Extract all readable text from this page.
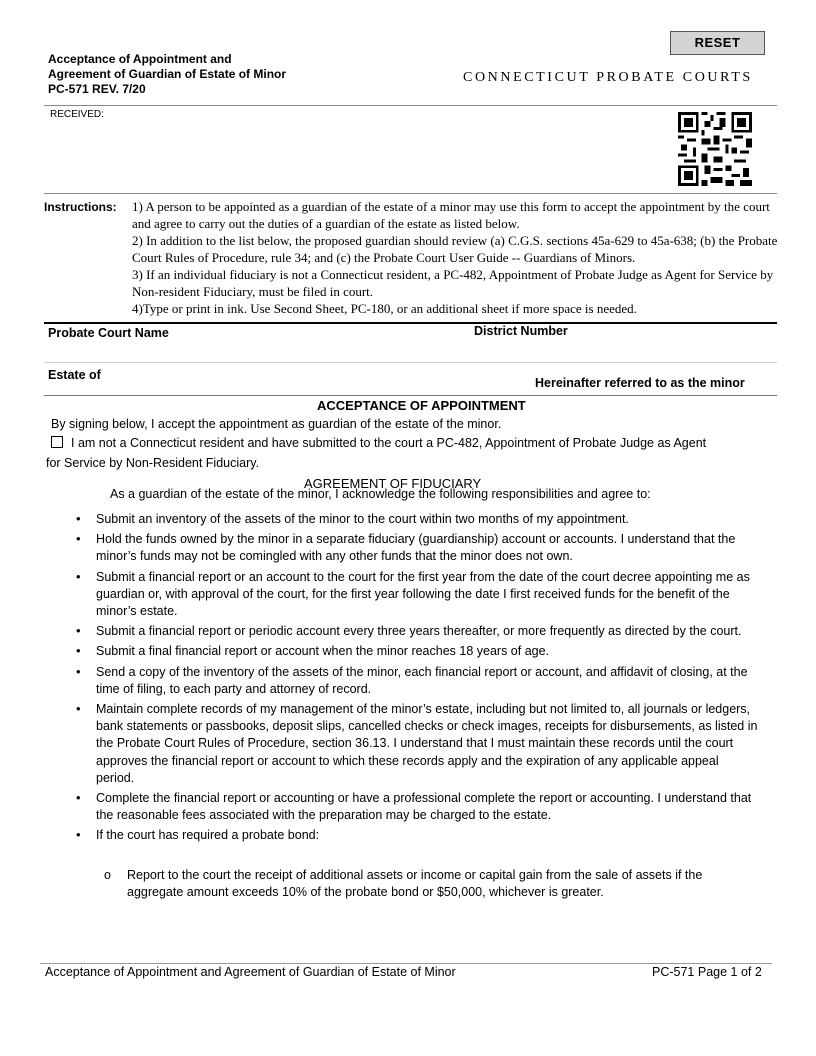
Acceptance of Appointment and
Agreement of Guardian of Estate of Minor
PC-571 REV. 7/20
RESET
CONNECTICUT PROBATE COURTS
RECEIVED:
Instructions: 1) A person to be appointed as a guardian of the estate of a minor may use this form to accept the appointment by the court and agree to carry out the duties of a guardian of the estate as listed below.

2) In addition to the list below, the proposed guardian should review (a) C.G.S. sections 45a-629 to 45a-638; (b) the Probate Court Rules of Procedure, rule 34; and (c) the Probate Court User Guide -- Guardians of Minors.

3) If an individual fiduciary is not a Connecticut resident, a PC-482, Appointment of Probate Judge as Agent for Service by Non-resident Fiduciary, must be filed in court.

4)Type or print in ink. Use Second Sheet, PC-180, or an additional sheet if more space is needed.

Probate Court Name	District Number
Estate of
Hereinafter referred to as the minor
ACCEPTANCE OF APPOINTMENT
By signing below, I accept the appointment as guardian of the estate of the minor.
I am not a Connecticut resident and have submitted to the court a PC-482, Appointment of Probate Judge as Agent
for Service by Non-Resident Fiduciary.
AGREEMENT OF FIDUCIARY
As a guardian of the estate of the minor, I acknowledge the following responsibilities and agree to:
• Submit an inventory of the assets of the minor to the court within two months of my appointment.
• Hold the funds owned by the minor in a separate fiduciary (guardianship) account or accounts. I understand that the minor’s funds may not be comingled with any other funds that the minor does not own.
• Submit a financial report or an account to the court for the first year from the date of the court decree appointing me as guardian or, with approval of the court, for the first year following the date I first received funds for the benefit of the minor’s estate.
• Submit a financial report or periodic account every three years thereafter, or more frequently as directed by the court.
• Submit a final financial report or account when the minor reaches 18 years of age.
• Send a copy of the inventory of the assets of the minor, each financial report or account, and affidavit of closing, at the time of filing, to each party and attorney of record.
• Maintain complete records of my management of the minor’s estate, including but not limited to, all journals or ledgers, bank statements or passbooks, deposit slips, cancelled checks or check images, receipts for disbursements, as listed in the Probate Court Rules of Procedure, section 36.13. I understand that I must maintain these records until the court approves the financial report or account to which these records apply and the expiration of any applicable appeal period.
• Complete the financial report or accounting or have a professional complete the report or accounting. I understand that the reasonable fees associated with the preparation may be charged to the estate.
• If the court has required a probate bond:
o Report to the court the receipt of additional assets or income or capital gain from the sale of assets if the aggregate amount exceeds 10% of the probate bond or $50,000, whichever is greater.
Acceptance of Appointment and Agreement of Guardian of Estate of Minor	PC-571 Page 1 of 2
